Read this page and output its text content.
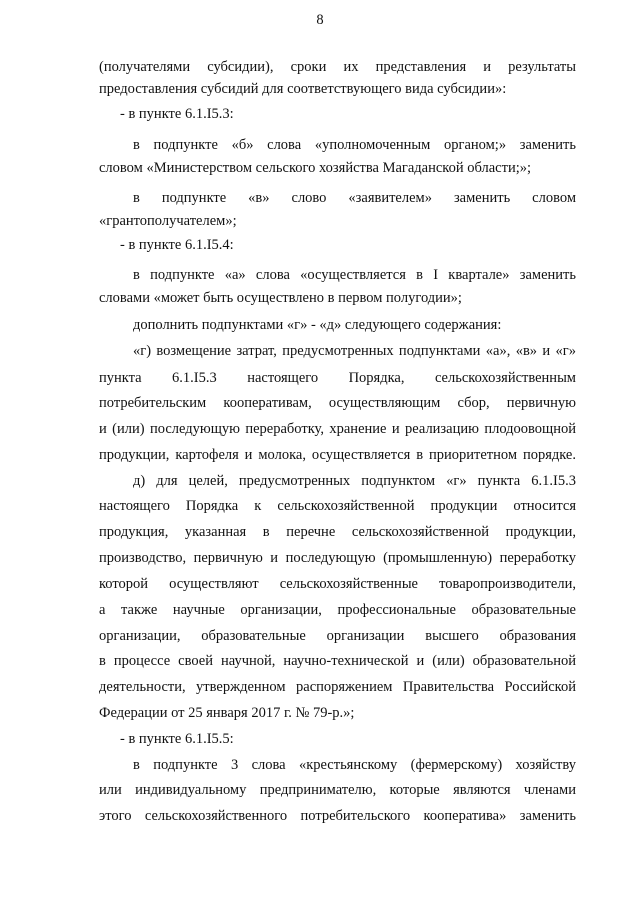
8
(получателями субсидии), сроки их представления и результаты
предоставления субсидий для соответствующего вида субсидии»:
- в пункте 6.1.I5.3:
в подпункте «б» слова «уполномоченным органом;» заменить
словом «Министерством сельского хозяйства Магаданской области;»;
в подпункте «в» слово «заявителем» заменить словом
«грантополучателем»;
- в пункте 6.1.I5.4:
в подпункте «а» слова «осуществляется в I квартале» заменить
словами «может быть осуществлено в первом полугодии»;
дополнить подпунктами «г» - «д» следующего содержания:
«г) возмещение затрат, предусмотренных подпунктами «а», «в» и «г»
пункта 6.1.I5.3 настоящего Порядка, сельскохозяйственным
потребительским кооперативам, осуществляющим сбор, первичную
и (или) последующую переработку, хранение и реализацию плодоовощной
продукции, картофеля и молока, осуществляется в приоритетном порядке.
д) для целей, предусмотренных подпунктом «г» пункта 6.1.I5.3
настоящего Порядка к сельскохозяйственной продукции относится
продукция, указанная в перечне сельскохозяйственной продукции,
производство, первичную и последующую (промышленную) переработку
которой осуществляют сельскохозяйственные товаропроизводители,
а также научные организации, профессиональные образовательные
организации, образовательные организации высшего образования
в процессе своей научной, научно-технической и (или) образовательной
деятельности, утвержденном распоряжением Правительства Российской
Федерации от 25 января 2017 г. № 79-р.»;
- в пункте 6.1.I5.5:
в подпункте 3 слова «крестьянскому (фермерскому) хозяйству
или индивидуальному предпринимателю, которые являются членами
этого сельскохозяйственного потребительского кооператива» заменить
